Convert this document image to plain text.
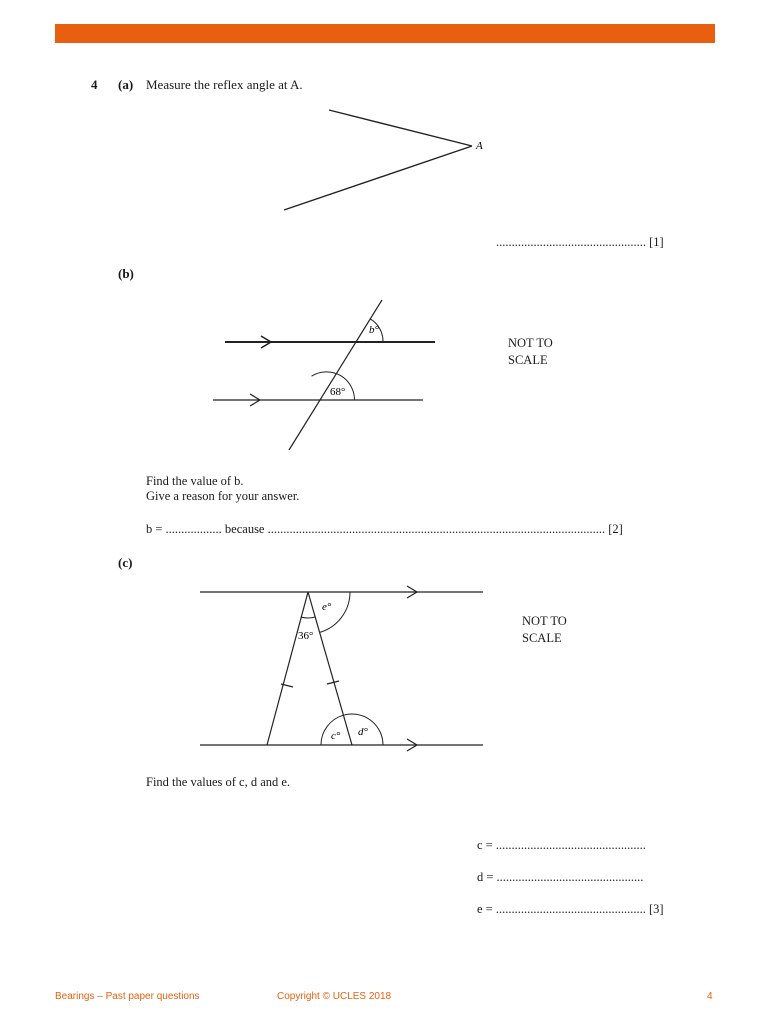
4 (a) Measure the reflex angle at A.
A
................................................ [1]
(b)
b°
68°
NOT TO
SCALE
Find the value of b.
Give a reason for your answer.
b = .................. because ............................................................................................................ [2]
(c)
e°
36°
c° d°
NOT TO
SCALE
Find the values of c, d and e.
c = ................................................
d = ...............................................
e = ................................................ [3]
Bearings – Past paper questions	Copyright © UCLES 2018	4
